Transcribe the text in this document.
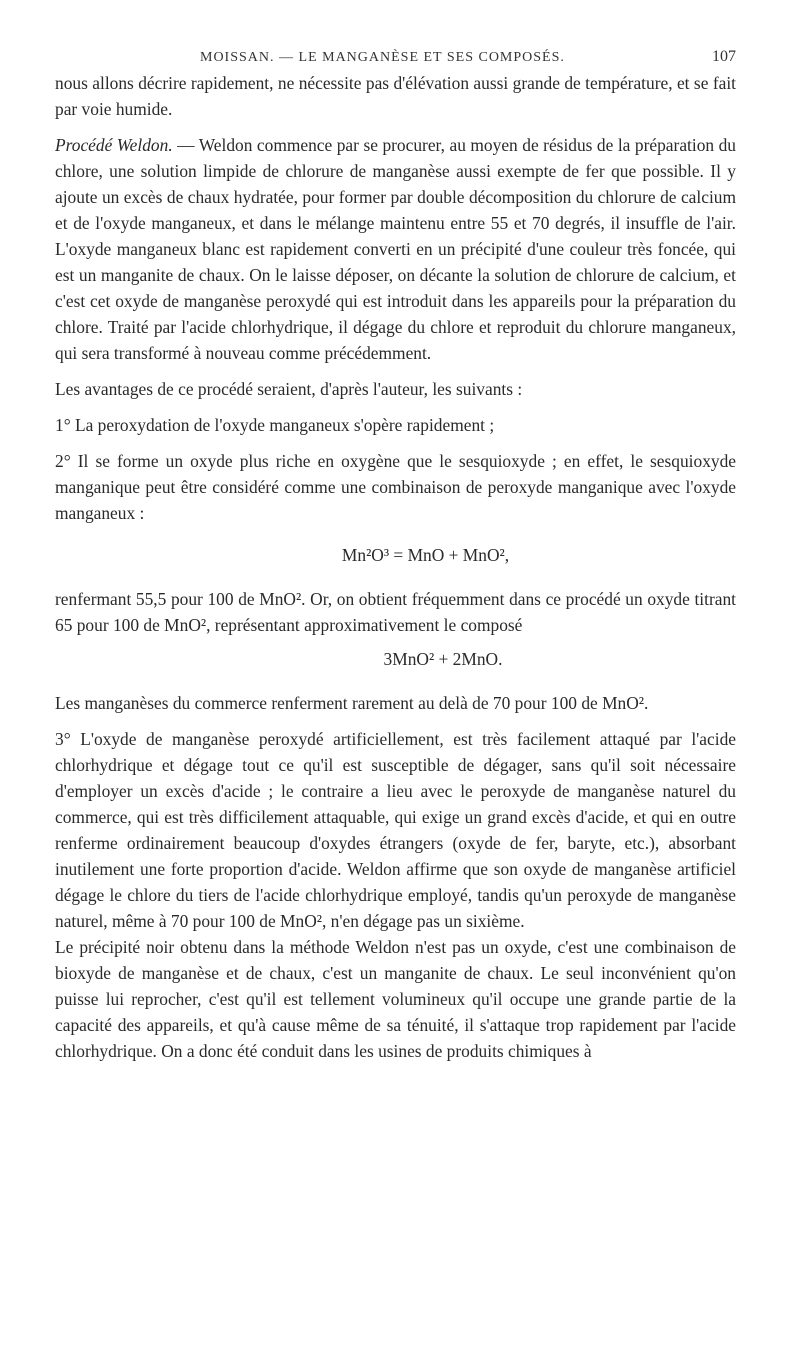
MOISSAN. — LE MANGANÈSE ET SES COMPOSÉS.	107

nous allons décrire rapidement, ne nécessite pas d'élévation aussi grande de température, et se fait par voie humide.

Procédé Weldon. — Weldon commence par se procurer, au moyen de résidus de la préparation du chlore, une solution limpide de chlorure de manganèse aussi exempte de fer que possible. Il y ajoute un excès de chaux hydratée, pour former par double décomposition du chlorure de calcium et de l'oxyde manganeux, et dans le mélange maintenu entre 55 et 70 degrés, il insuffle de l'air. L'oxyde manganeux blanc est rapidement converti en un précipité d'une couleur très foncée, qui est un manganite de chaux. On le laisse déposer, on décante la solution de chlorure de calcium, et c'est cet oxyde de manganèse peroxydé qui est introduit dans les appareils pour la préparation du chlore. Traité par l'acide chlorhydrique, il dégage du chlore et reproduit du chlorure manganeux, qui sera transformé à nouveau comme précédemment.

Les avantages de ce procédé seraient, d'après l'auteur, les suivants :

1° La peroxydation de l'oxyde manganeux s'opère rapidement ;

2° Il se forme un oxyde plus riche en oxygène que le sesquioxyde ; en effet, le sesquioxyde manganique peut être considéré comme une combinaison de peroxyde manganique avec l'oxyde manganeux :

Mn²O³ = MnO + MnO²,

renfermant 55,5 pour 100 de MnO². Or, on obtient fréquemment dans ce procédé un oxyde titrant 65 pour 100 de MnO², représentant approximativement le composé

3MnO² + 2MnO.

Les manganèses du commerce renferment rarement au delà de 70 pour 100 de MnO².

3° L'oxyde de manganèse peroxydé artificiellement, est très facilement attaqué par l'acide chlorhydrique et dégage tout ce qu'il est susceptible de dégager, sans qu'il soit nécessaire d'employer un excès d'acide ; le contraire a lieu avec le peroxyde de manganèse naturel du commerce, qui est très difficilement attaquable, qui exige un grand excès d'acide, et qui en outre renferme ordinairement beaucoup d'oxydes étrangers (oxyde de fer, baryte, etc.), absorbant inutilement une forte proportion d'acide. Weldon affirme que son oxyde de manganèse artificiel dégage le chlore du tiers de l'acide chlorhydrique employé, tandis qu'un peroxyde de manganèse naturel, même à 70 pour 100 de MnO², n'en dégage pas un sixième.

Le précipité noir obtenu dans la méthode Weldon n'est pas un oxyde, c'est une combinaison de bioxyde de manganèse et de chaux, c'est un manganite de chaux. Le seul inconvénient qu'on puisse lui reprocher, c'est qu'il est tellement volumineux qu'il occupe une grande partie de la capacité des appareils, et qu'à cause même de sa ténuité, il s'attaque trop rapidement par l'acide chlorhydrique. On a donc été conduit dans les usines de produits chimiques à
